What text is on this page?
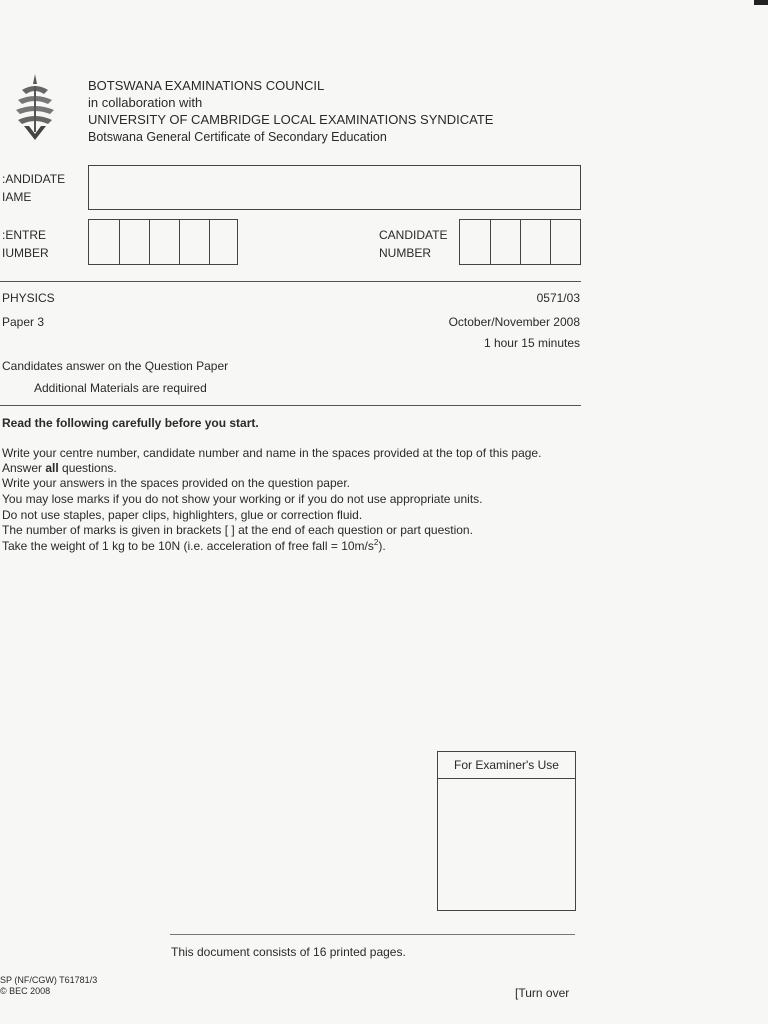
BOTSWANA EXAMINATIONS COUNCIL
in collaboration with
UNIVERSITY OF CAMBRIDGE LOCAL EXAMINATIONS SYNDICATE
Botswana General Certificate of Secondary Education
:ANDIDATE
IAME
:ENTRE
IUMBER
CANDIDATE
NUMBER
PHYSICS	0571/03
Paper 3	October/November 2008
1 hour 15 minutes
Candidates answer on the Question Paper
Additional Materials are required
Read the following carefully before you start.
Write your centre number, candidate number and name in the spaces provided at the top of this page.
Answer all questions.
Write your answers in the spaces provided on the question paper.
You may lose marks if you do not show your working or if you do not use appropriate units.
Do not use staples, paper clips, highlighters, glue or correction fluid.
The number of marks is given in brackets [ ] at the end of each question or part question.
Take the weight of 1 kg to be 10N (i.e. acceleration of free fall = $10m/s^2$).
For Examiner's Use
This document consists of 16 printed pages.
SP (NF/CGW) T61781/3
© BEC 2008	[Turn over
